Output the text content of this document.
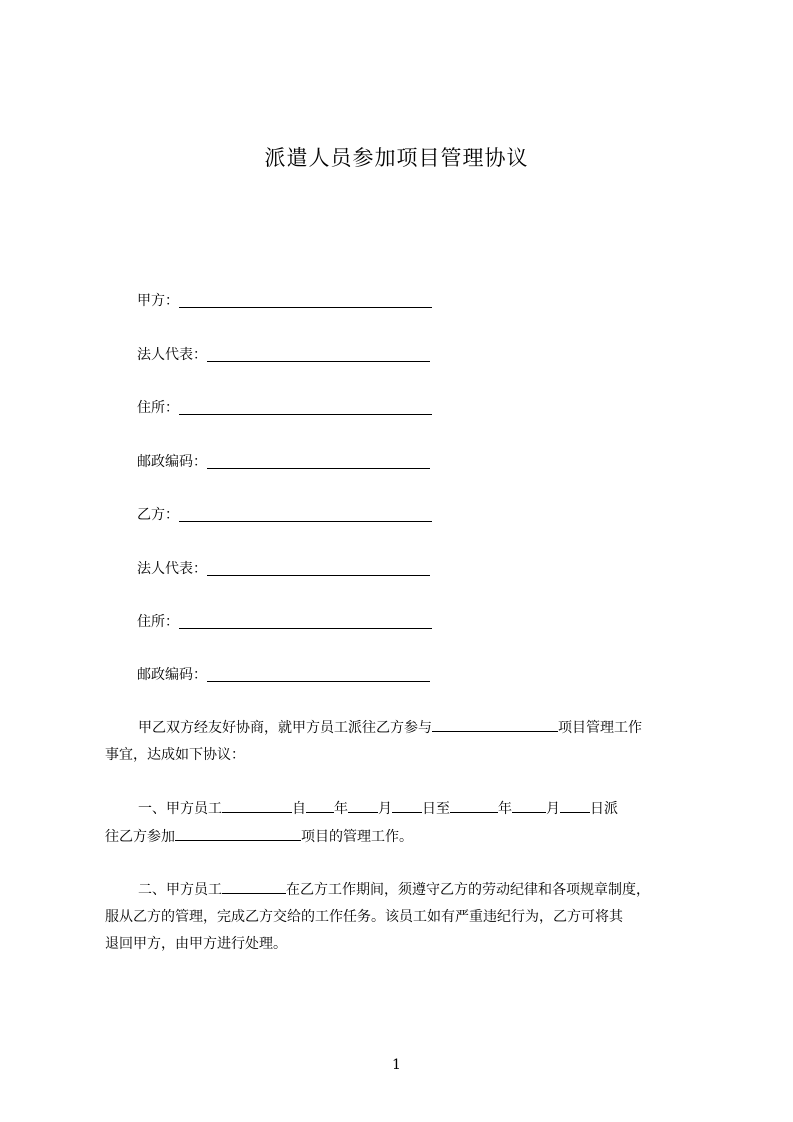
派遣人员参加项目管理协议
甲方：
法人代表：
住所：
邮政编码：
乙方：
法人代表：
住所：
邮政编码：
甲乙双方经友好协商，就甲方员工派往乙方参与	项目管理工作
事宜，达成如下协议：
一、甲方员工	自 年 月 日至	年 月 日派
往乙方参加	项目的管理工作。
二、甲方员工	在乙方工作期间，须遵守乙方的劳动纪律和各项规章制度，
服从乙方的管理，完成乙方交给的工作任务。该员工如有严重违纪行为，乙方可将其
退回甲方，由甲方进行处理。
1
